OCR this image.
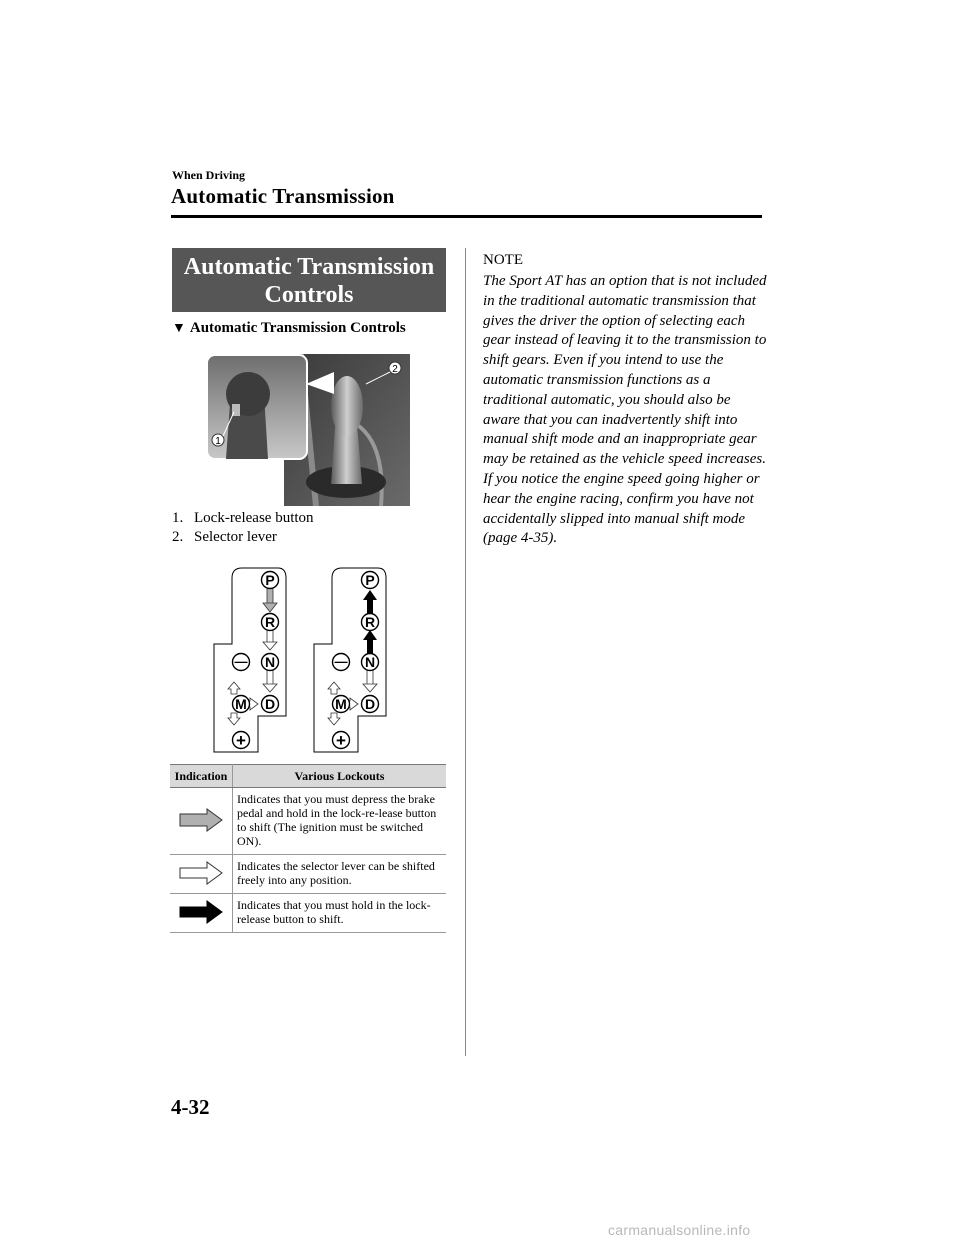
When Driving
Automatic Transmission
Automatic Transmission
Controls
▼ Automatic Transmission Controls
2
1
1. Lock-release button
2. Selector lever
P
R
N
D
M
—
+
P
R
N
D
M
—
+
Indication	Various Lockouts
	Indicates that you must depress the brake pedal and hold in the lock-re-lease button to shift (The ignition must be switched ON).
	Indicates the selector lever can be shifted freely into any position.
	Indicates that you must hold in the lock-release button to shift.
NOTE
The Sport AT has an option that is not included in the traditional automatic transmission that gives the driver the option of selecting each gear instead of leaving it to the transmission to shift gears. Even if you intend to use the automatic transmission functions as a traditional automatic, you should also be aware that you can inadvertently shift into manual shift mode and an inappropriate gear may be retained as the vehicle speed increases. If you notice the engine speed going higher or hear the engine racing, confirm you have not accidentally slipped into manual shift mode (page 4-35).
4-32
carmanualsonline.info
